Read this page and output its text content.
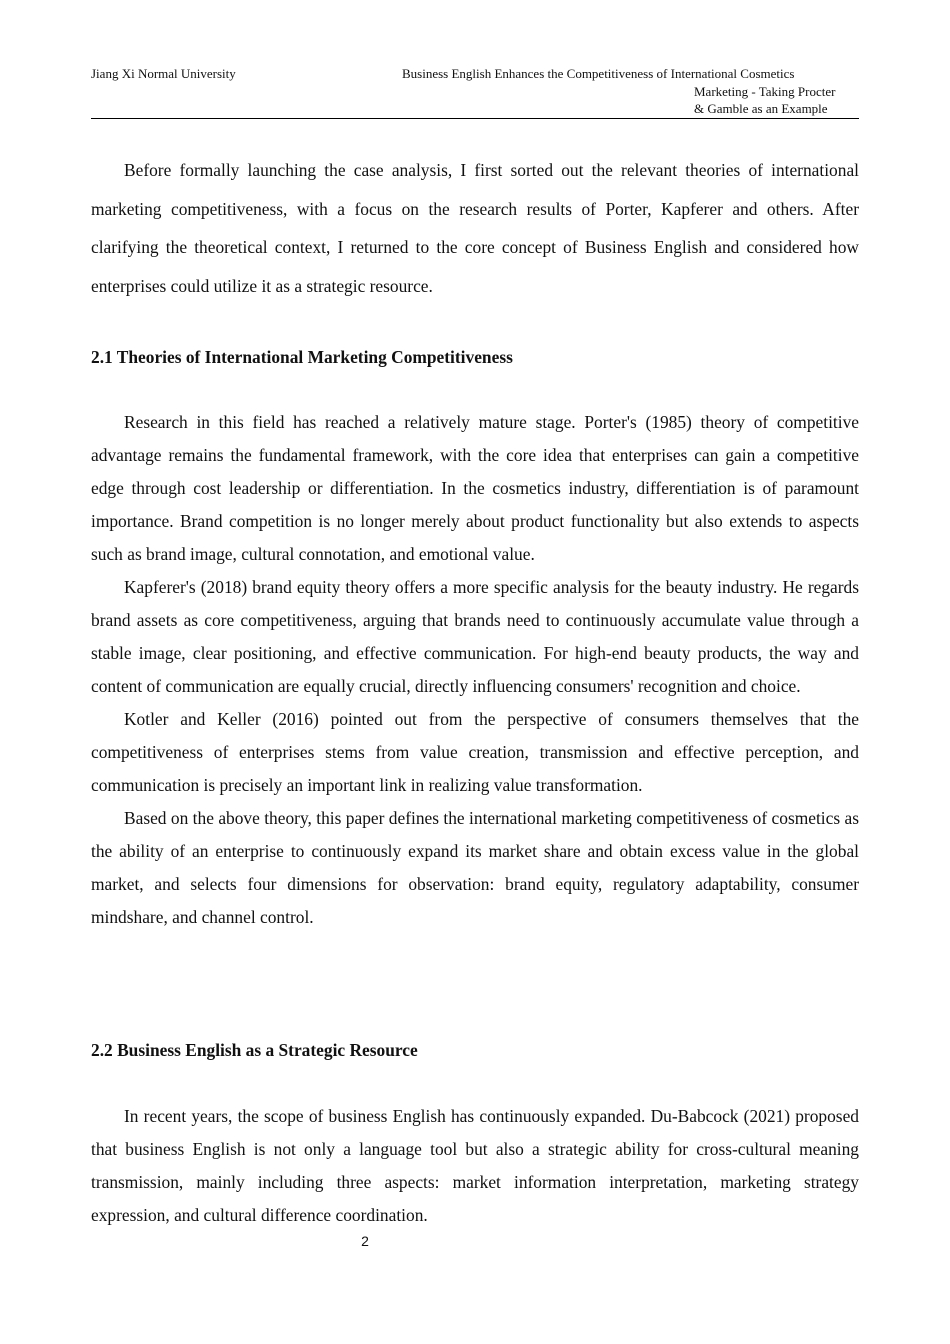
Jiang Xi Normal University	Business English Enhances the Competitiveness of International Cosmetics
Marketing - Taking Procter
& Gamble as an Example

Before formally launching the case analysis, I first sorted out the relevant theories of international marketing competitiveness, with a focus on the research results of Porter, Kapferer and others. After clarifying the theoretical context, I returned to the core concept of Business English and considered how enterprises could utilize it as a strategic resource.

2.1 Theories of International Marketing Competitiveness

Research in this field has reached a relatively mature stage. Porter's (1985) theory of competitive advantage remains the fundamental framework, with the core idea that enterprises can gain a competitive edge through cost leadership or differentiation. In the cosmetics industry, differentiation is of paramount importance. Brand competition is no longer merely about product functionality but also extends to aspects such as brand image, cultural connotation, and emotional value.

Kapferer's (2018) brand equity theory offers a more specific analysis for the beauty industry. He regards brand assets as core competitiveness, arguing that brands need to continuously accumulate value through a stable image, clear positioning, and effective communication. For high-end beauty products, the way and content of communication are equally crucial, directly influencing consumers' recognition and choice.

Kotler and Keller (2016) pointed out from the perspective of consumers themselves that the competitiveness of enterprises stems from value creation, transmission and effective perception, and communication is precisely an important link in realizing value transformation.

Based on the above theory, this paper defines the international marketing competitiveness of cosmetics as the ability of an enterprise to continuously expand its market share and obtain excess value in the global market, and selects four dimensions for observation: brand equity, regulatory adaptability, consumer mindshare, and channel control.

2.2 Business English as a Strategic Resource

In recent years, the scope of business English has continuously expanded. Du-Babcock (2021) proposed that business English is not only a language tool but also a strategic ability for cross-cultural meaning transmission, mainly including three aspects: market information interpretation, marketing strategy expression, and cultural difference coordination.

2
